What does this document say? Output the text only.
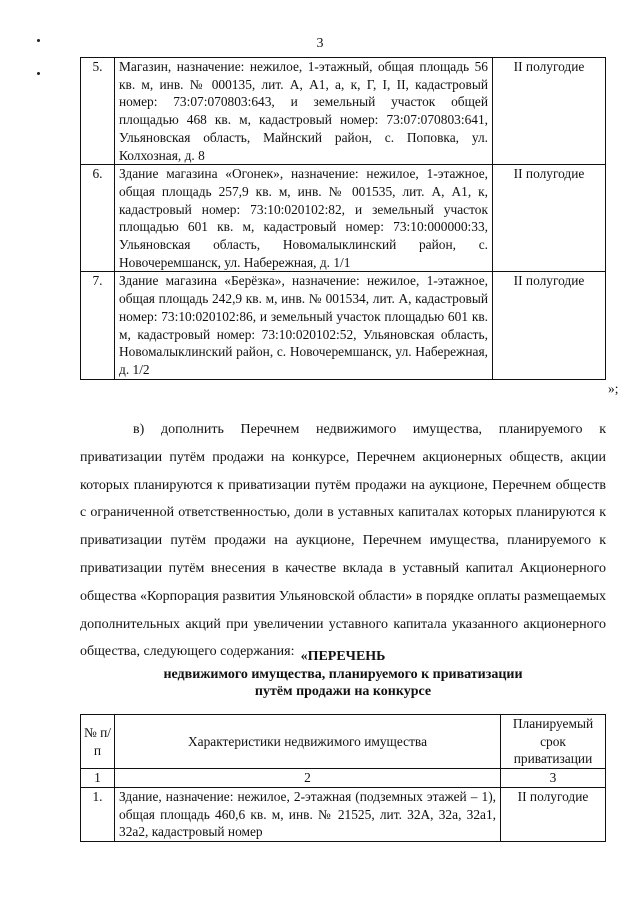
3
5.	Магазин, назначение: нежилое, 1-этажный, общая площадь 56 кв. м, инв. № 000135, лит. А, А1, а, к, Г, I, II, кадастровый номер: 73:07:070803:643, и земельный участок общей площадью 468 кв. м, кадастровый номер: 73:07:070803:641, Ульяновская область, Майнский район, с. Поповка, ул. Колхозная, д. 8	II полугодие
6.	Здание магазина «Огонек», назначение: нежилое, 1-этажное, общая площадь 257,9 кв. м, инв. № 001535, лит. А, А1, к, кадастровый номер: 73:10:020102:82, и земельный участок площадью 601 кв. м, кадастровый номер: 73:10:000000:33, Ульяновская область, Новомалыклинский район, с. Новочеремшанск, ул. Набережная, д. 1/1	II полугодие
7.	Здание магазина «Берёзка», назначение: нежилое, 1-этажное, общая площадь 242,9 кв. м, инв. № 001534, лит. А, кадастровый номер: 73:10:020102:86, и земельный участок площадью 601 кв. м, кадастровый номер: 73:10:020102:52, Ульяновская область, Новомалыклинский район, с. Новочеремшанск, ул. Набережная, д. 1/2	II полугодие
»;

в) дополнить Перечнем недвижимого имущества, планируемого к приватизации путём продажи на конкурсе, Перечнем акционерных обществ, акции которых планируются к приватизации путём продажи на аукционе, Перечнем обществ с ограниченной ответственностью, доли в уставных капиталах которых планируются к приватизации путём продажи на аукционе, Перечнем имущества, планируемого к приватизации путём внесения в качестве вклада в уставный капитал Акционерного общества «Корпорация развития Ульяновской области» в порядке оплаты размещаемых дополнительных акций при увеличении уставного капитала указанного акционерного общества, следующего содержания: «ПЕРЕЧЕНЬ
недвижимого имущества, планируемого к приватизации
путём продажи на конкурсе
№ п/п	Характеристики недвижимого имущества	Планируемый срок приватизации
1	2	3
1.	Здание, назначение: нежилое, 2-этажная (подземных этажей – 1), общая площадь 460,6 кв. м, инв. № 21525, лит. 32А, 32а, 32а1, 32а2, кадастровый номер	II полугодие
